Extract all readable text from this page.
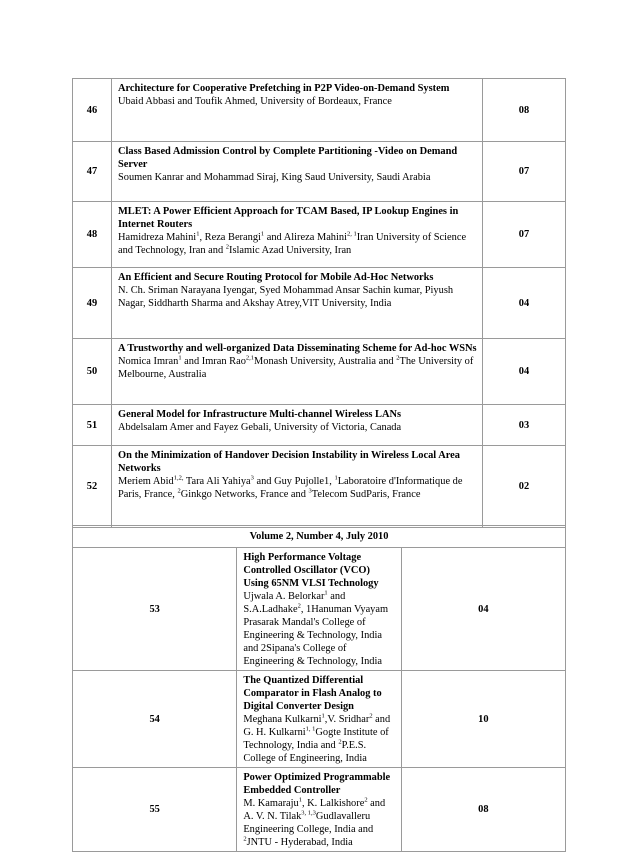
46	Architecture for Cooperative Prefetching in P2P Video-on-Demand System
Ubaid Abbasi and Toufik Ahmed, University of Bordeaux, France	08
47	Class Based Admission Control by Complete Partitioning -Video on Demand Server
Soumen Kanrar and Mohammad Siraj, King Saud University, Saudi Arabia	07
48	MLET: A Power Efficient Approach for TCAM Based, IP Lookup Engines in Internet Routers
Hamidreza Mahini$^1$, Reza Berangi$^1$ and Alireza Mahini$^{2, 1}$Iran University of Science and Technology, Iran and $^2$Islamic Azad University, Iran	07
49	An Efficient and Secure Routing Protocol for Mobile Ad-Hoc Networks
N. Ch. Sriman Narayana Iyengar, Syed Mohammad Ansar Sachin kumar, Piyush Nagar, Siddharth Sharma and Akshay Atrey,VIT University, India	04
50	A Trustworthy and well-organized Data Disseminating Scheme for Ad-hoc WSNs
Nomica Imran$^1$ and Imran Rao$^{2,1}$Monash University, Australia and $^2$The University of Melbourne, Australia	04
51	General Model for Infrastructure Multi-channel Wireless LANs
Abdelsalam Amer and Fayez Gebali, University of Victoria, Canada	03
52	On the Minimization of Handover Decision Instability in Wireless Local Area Networks
Meriem Abid$^{1,2,}$ Tara Ali Yahiya$^3$ and Guy Pujolle1, $^1$Laboratoire d'Informatique de Paris, France, $^2$Ginkgo Networks, France and $^3$Telecom SudParis, France	02
Volume 2, Number 4, July 2010		
53	High Performance Voltage Controlled Oscillator (VCO) Using 65NM VLSI Technology
Ujwala A. Belorkar$^1$ and S.A.Ladhake$^2$, 1Hanuman Vyayam Prasarak Mandal's College of Engineering & Technology, India and 2Sipana's College of Engineering & Technology, India	04
54	The Quantized Differential Comparator in Flash Analog to Digital Converter Design
Meghana Kulkarni$^1$,V. Sridhar$^2$ and G. H. Kulkarni$^{1, 1}$Gogte Institute of Technology, India and $^2$P.E.S. College of Engineering, India	10
55	Power Optimized Programmable Embedded Controller
M. Kamaraju$^1$, K. Lalkishore$^2$ and A. V. N. Tilak$^{3, 1,3}$Gudlavalleru Engineering College, India and $^2$JNTU - Hyderabad, India	08
